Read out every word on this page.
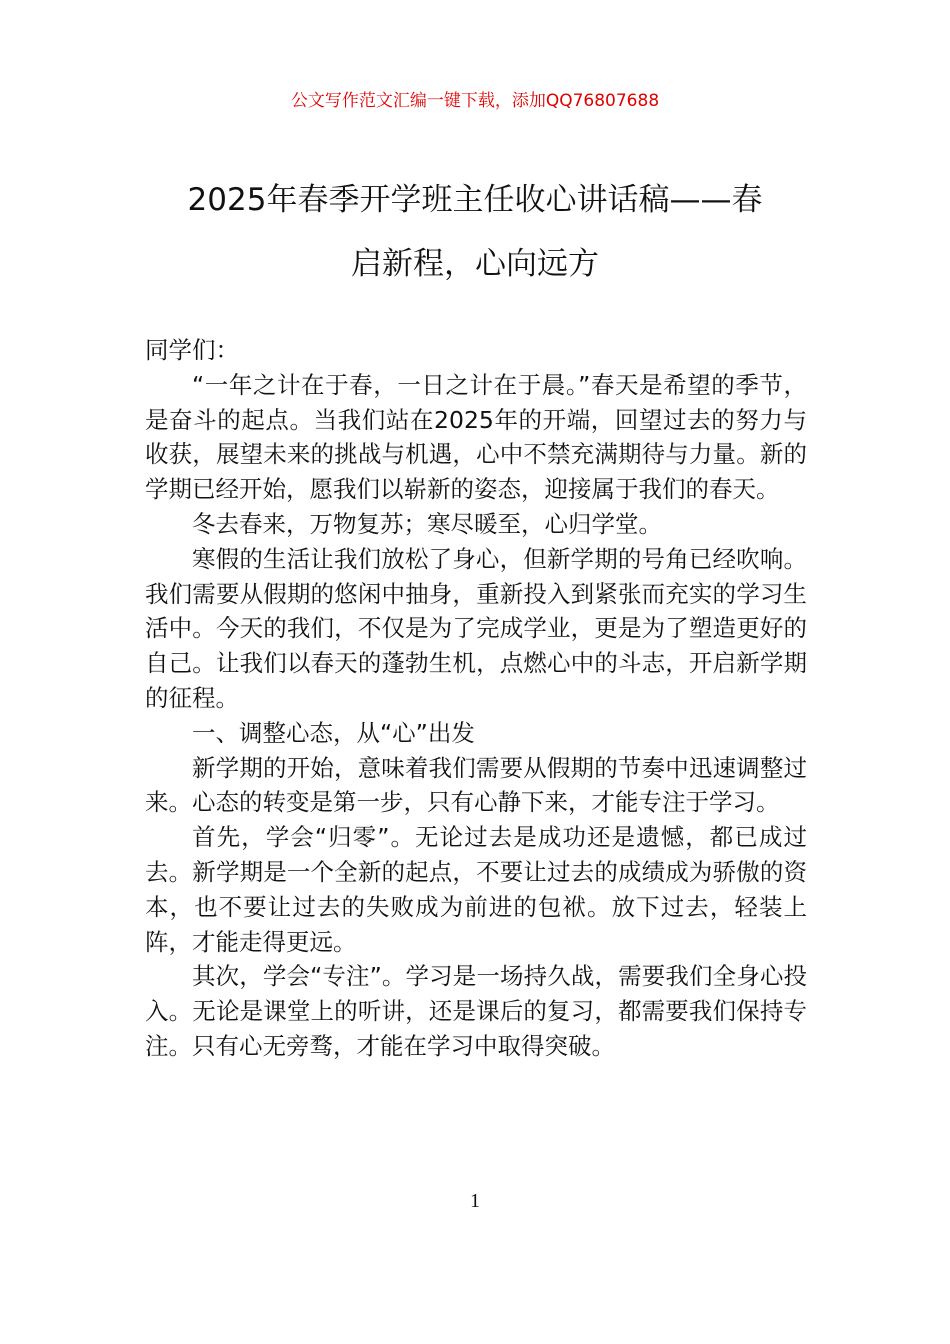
公文写作范文汇编一键下载，添加QQ76807688
2025年春季开学班主任收心讲话稿——春
启新程，心向远方

同学们：

“一年之计在于春，一日之计在于晨。”春天是希望的季节，是奋斗的起点。当我们站在2025年的开端，回望过去的努力与收获，展望未来的挑战与机遇，心中不禁充满期待与力量。新的学期已经开始，愿我们以崭新的姿态，迎接属于我们的春天。

冬去春来，万物复苏；寒尽暖至，心归学堂。

寒假的生活让我们放松了身心，但新学期的号角已经吹响。我们需要从假期的悠闲中抽身，重新投入到紧张而充实的学习生活中。今天的我们，不仅是为了完成学业，更是为了塑造更好的自己。让我们以春天的蓬勃生机，点燃心中的斗志，开启新学期的征程。

一、调整心态，从“心”出发

新学期的开始，意味着我们需要从假期的节奏中迅速调整过来。心态的转变是第一步，只有心静下来，才能专注于学习。

首先，学会“归零”。无论过去是成功还是遗憾，都已成过去。新学期是一个全新的起点，不要让过去的成绩成为骄傲的资本，也不要让过去的失败成为前进的包袱。放下过去，轻装上阵，才能走得更远。

其次，学会“专注”。学习是一场持久战，需要我们全身心投入。无论是课堂上的听讲，还是课后的复习，都需要我们保持专注。只有心无旁骛，才能在学习中取得突破。

1
